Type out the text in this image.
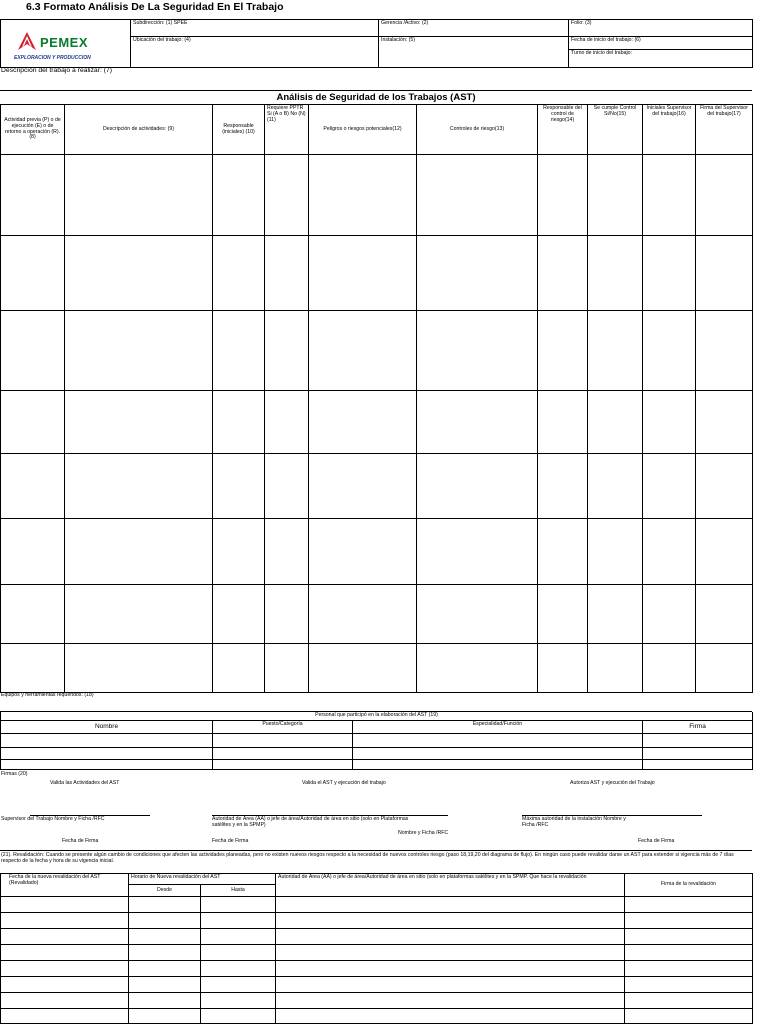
6.3 Formato Análisis De La Seguridad En El Trabajo
	Subdirección: (1) SPEE	Gerencia /Activo: (2)	Folio: (3)
	Ubicación del trabajo: (4)	Instalación: (5)	Fecha de inicio del trabajo: (6)
Turno de inicio del trabajo:
PEMEX
EXPLORACION Y PRODUCCION
Descripción del trabajo a realizar: (7)
Análisis de Seguridad de los Trabajos (AST)
Actividad previa (P) o de ejecución (E) o de retorno a operación (R). (8)	Descripción de actividades: (9)	Responsable (iniciales) (10)	Requiere PPTR Si (A o B) No (N) (11)	Peligros o riesgos potenciales(12)	Controles de riesgo(13)	Responsable del control de riesgo(14)	Se cumple Control Si/No(15)	Iniciales Supervisor del trabajo(16)	Firma del Supervisor del trabajo(17)

Equipos y herramientas requeridos: (18)
Personal que participó en la elaboración del AST (19)			
Nombre	Puesto/Categoría	Especialidad/Función	Firma

Firmas (20)
Valida las Actividades del AST	Valida el AST y ejecución del trabajo	Autoriza AST y ejecución del Trabajo
Supervisor del Trabajo Nombre y Ficha /RFC	Autoridad de Área (AA) o jefe de área/Autoridad de área en sitio (solo en Plataformas satélites y en la SPMP)
Nombre y Ficha /RFC
Máxima autoridad de la instalación Nombre y Ficha /RFC
Fecha de Firma	Fecha de Firma	Fecha de Firma
(21). Revalidación: Cuando se presente algún cambio de condiciones que afecten las actividades planeadas, pero no existen nuevos riesgos respecto a la necesidad de nuevos controles riesgo (paso 18,19,20 del diagrama de flujo). En ningún caso puede revalidar darse un AST para extender si vigencia más de 7 días respecto de la fecha y hora de su vigencia inicial.
Fecha de la nueva revalidación del AST (Revalidado)	Horario de Nueva revalidación del AST		Autoridad de Área (AA) o jefe de área/Autoridad de área en sitio (solo en plataformas satélites y en la SPMP. Que hace la revalidación	Firma de la revalidación
	Desde	Hasta		
